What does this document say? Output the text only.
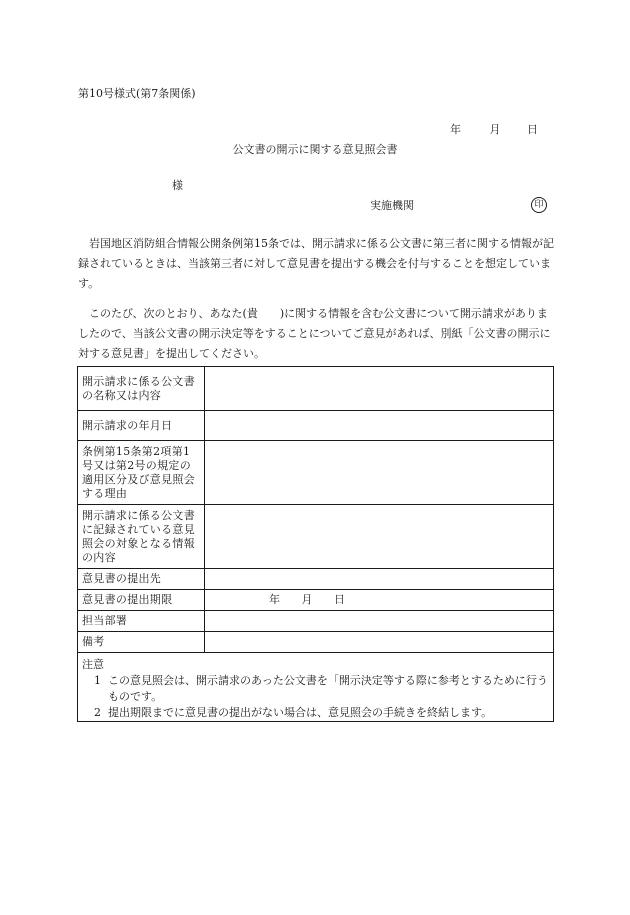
第10号様式(第7条関係)
年	月 日
公文書の開示に関する意見照会書
様
実施機関	印
岩国地区消防組合情報公開条例第15条では、開示請求に係る公文書に第三者に関する情報が記録されているときは、当該第三者に対して意見書を提出する機会を付与することを想定しています。
このたび、次のとおり、あなた(貴　　)に関する情報を含む公文書について開示請求がありましたので、当該公文書の開示決定等をすることについてご意見があれば、別紙「公文書の開示に対する意見書」を提出してください。
開示請求に係る公文書の名称又は内容	
開示請求の年月日	
条例第15条第2項第1号又は第2号の規定の適用区分及び意見照会する理由	
開示請求に係る公文書に記録されている意見照会の対象となる情報の内容	
意見書の提出先	
意見書の提出期限	年 月 日
担当部署	
備考	
注意
1 この意見照会は、開示請求のあった公文書を「開示決定等する際に参考とするために行うものです。
2 提出期限までに意見書の提出がない場合は、意見照会の手続きを終結します。
